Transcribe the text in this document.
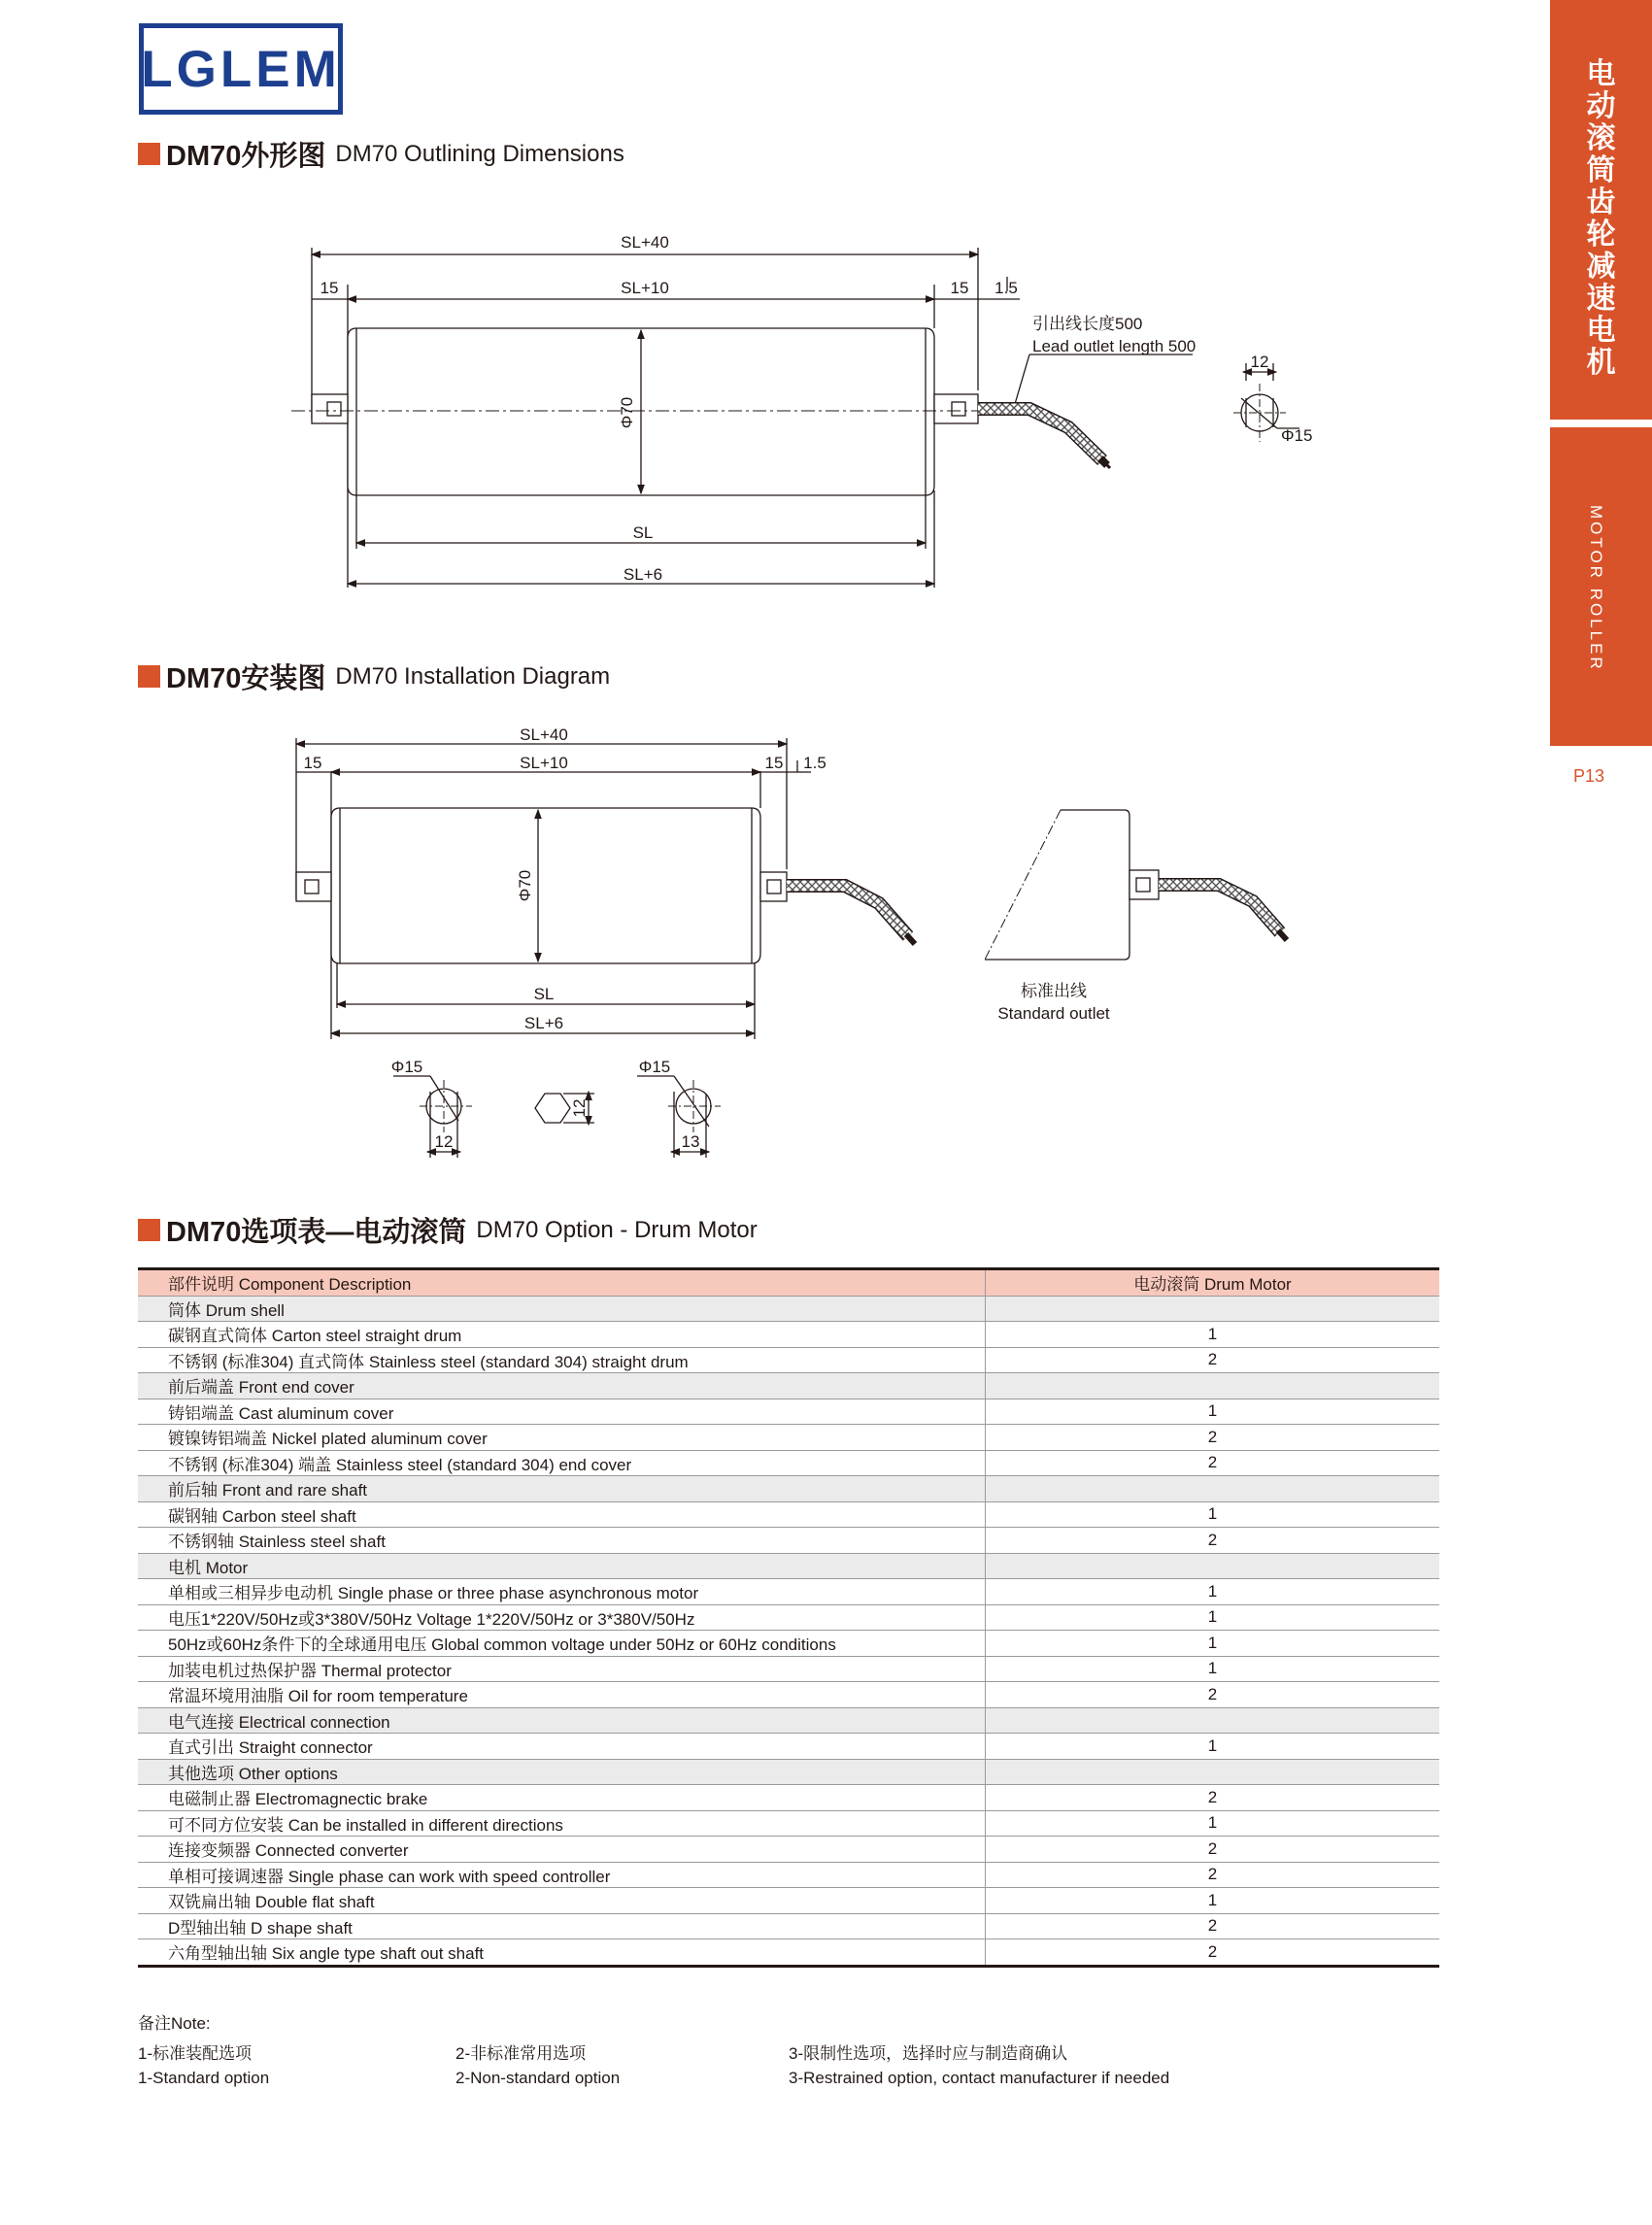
LGLEM	电
动
滚
筒
齿
轮
减
速
电
机
MOTOR ROLLER
P13
DM70外形图 DM70 Outlining Dimensions
SL+40
SL+10
15	15 1.5
Φ70
SL
SL+6
引出线长度500
Lead outlet length 500
12
Φ15
DM70安装图 DM70 Installation Diagram
SL+40
SL+10
15	15 1.5
Φ70
SL
SL+6
标准出线
Standard outlet
Φ15
12
12
Φ15
13
DM70选项表—电动滚筒 DM70 Option - Drum Motor
部件说明 Component Description	电动滚筒 Drum Motor
筒体 Drum shell	
碳钢直式筒体 Carton steel straight drum	1
不锈钢 (标准304) 直式筒体 Stainless steel (standard 304) straight drum	2
前后端盖 Front end cover	
铸铝端盖 Cast aluminum cover	1
镀镍铸铝端盖 Nickel plated aluminum cover	2
不锈钢 (标准304) 端盖 Stainless steel (standard 304) end cover	2
前后轴 Front and rare shaft	
碳钢轴 Carbon steel shaft	1
不锈钢轴 Stainless steel shaft	2
电机 Motor	
单相或三相异步电动机 Single phase or three phase asynchronous motor	1
电压1*220V/50Hz或3*380V/50Hz Voltage 1*220V/50Hz or 3*380V/50Hz	1
50Hz或60Hz条件下的全球通用电压 Global common voltage under 50Hz or 60Hz conditions	1
加装电机过热保护器 Thermal protector	1
常温环境用油脂 Oil for room temperature	2
电气连接 Electrical connection	
直式引出 Straight connector	1
其他选项 Other options	
电磁制止器 Electromagnectic brake	2
可不同方位安装 Can be installed in different directions	1
连接变频器 Connected converter	2
单相可接调速器 Single phase can work with speed controller	2
双铣扁出轴 Double flat shaft	1
D型轴出轴 D shape shaft	2
六角型轴出轴 Six angle type shaft out shaft	2
备注Note:
1-标准装配选项
1-Standard option
2-非标准常用选项
2-Non-standard option
3-限制性选项，选择时应与制造商确认
3-Restrained option, contact manufacturer if needed
